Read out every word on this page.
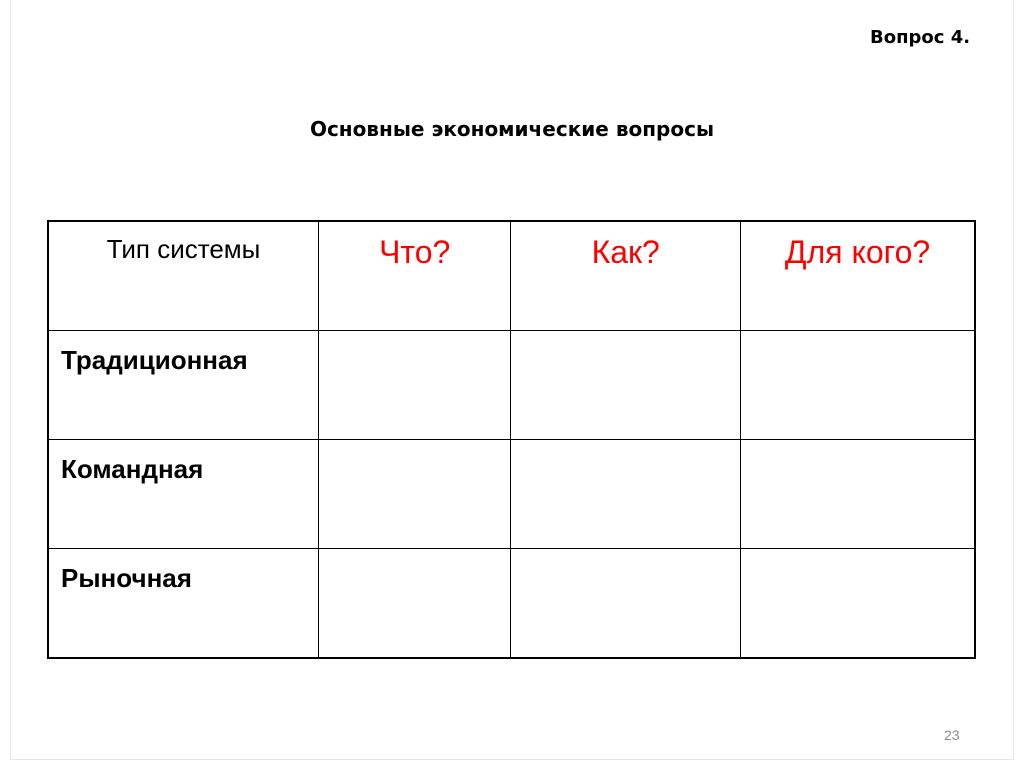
Вопрос 4.
Основные экономические вопросы
Тип системы	Что?	Как?	Для кого?

Традиционная			

Командная			

Рыночная			

23
